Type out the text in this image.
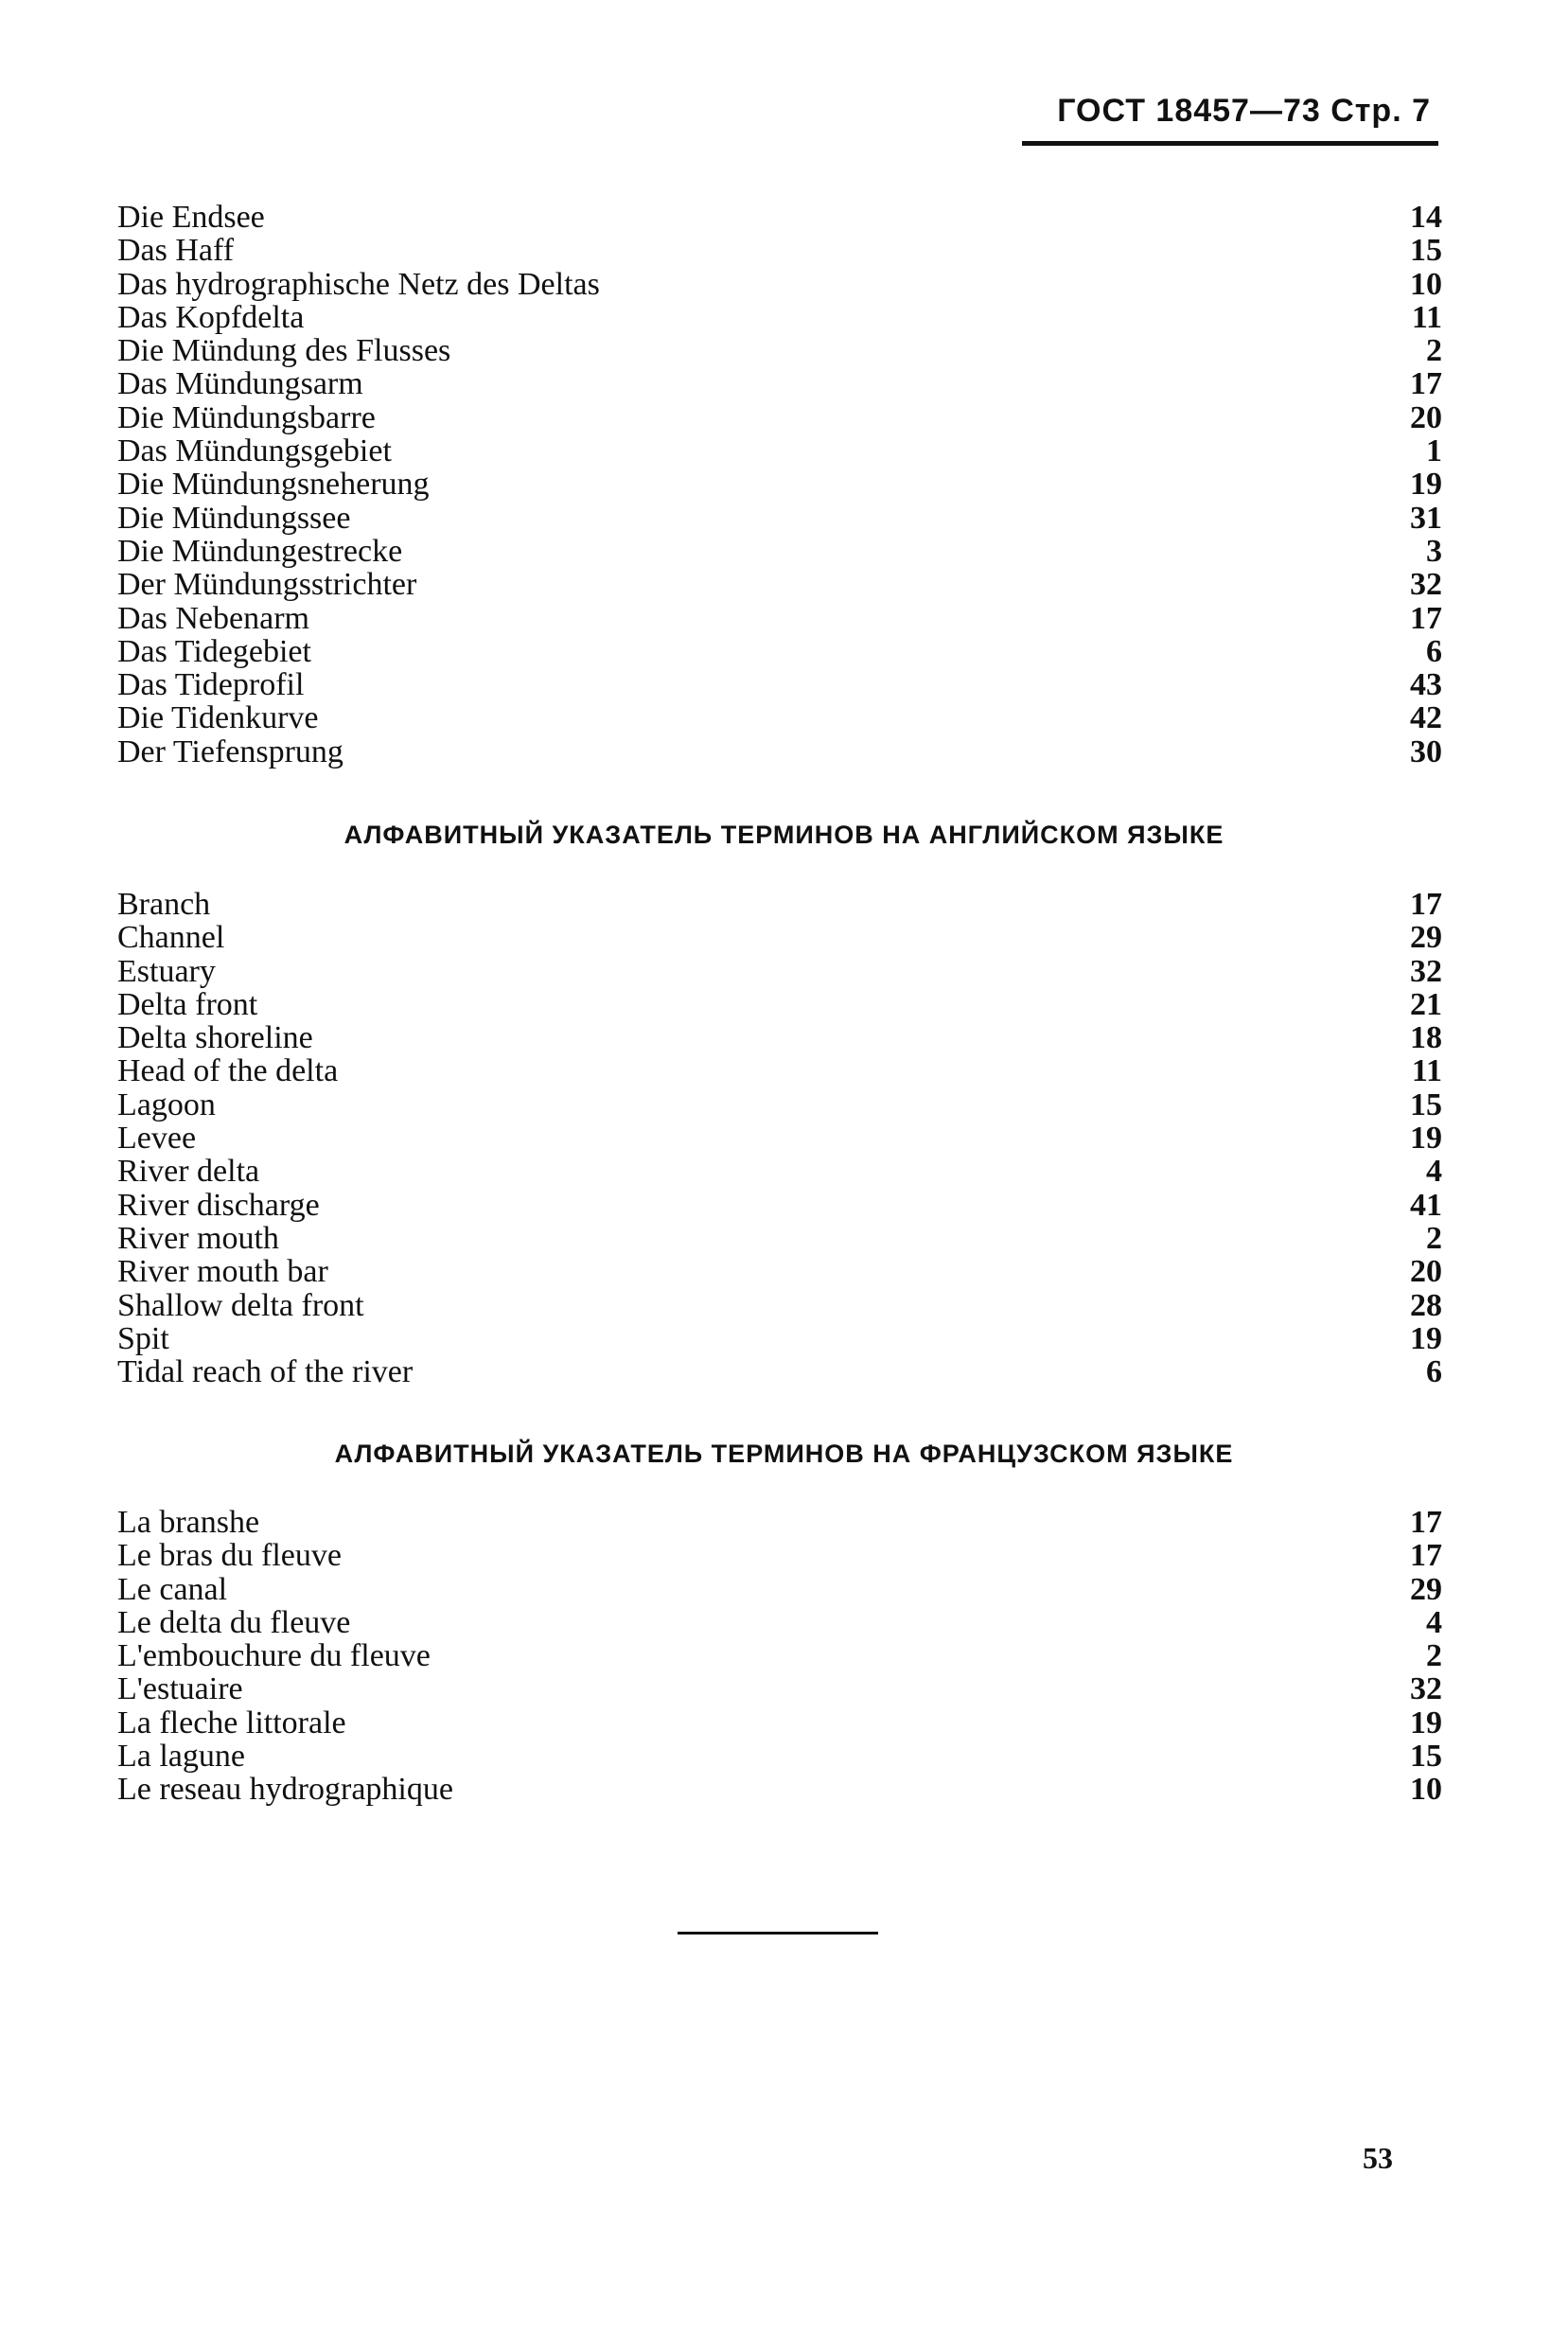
ГОСТ 18457—73 Стр. 7
Die Endsee	14
Das Haff	15
Das hydrographische Netz des Deltas	10
Das Kopfdelta	11
Die Mündung des Flusses	2
Das Mündungsarm	17
Die Mündungsbarre	20
Das Mündungsgebiet	1
Die Mündungsneherung	19
Die Mündungssee	31
Die Mündungestrecke	3
Der Mündungsstrichter	32
Das Nebenarm	17
Das Tidegebiet	6
Das Tideprofil	43
Die Tidenkurve	42
Der Tiefensprung	30
АЛФАВИТНЫЙ УКАЗАТЕЛЬ ТЕРМИНОВ НА АНГЛИЙСКОМ ЯЗЫКЕ
Branch	17
Channel	29
Estuary	32
Delta front	21
Delta shoreline	18
Head of the delta	11
Lagoon	15
Levee	19
River delta	4
River discharge	41
River mouth	2
River mouth bar	20
Shallow delta front	28
Spit	19
Tidal reach of the river	6
АЛФАВИТНЫЙ УКАЗАТЕЛЬ ТЕРМИНОВ НА ФРАНЦУЗСКОМ ЯЗЫКЕ
La branshe	17
Le bras du fleuve	17
Le canal	29
Le delta du fleuve	4
L'embouchure du fleuve	2
L'estuaire	32
La fleche littorale	19
La lagune	15
Le reseau hydrographique	10
53
